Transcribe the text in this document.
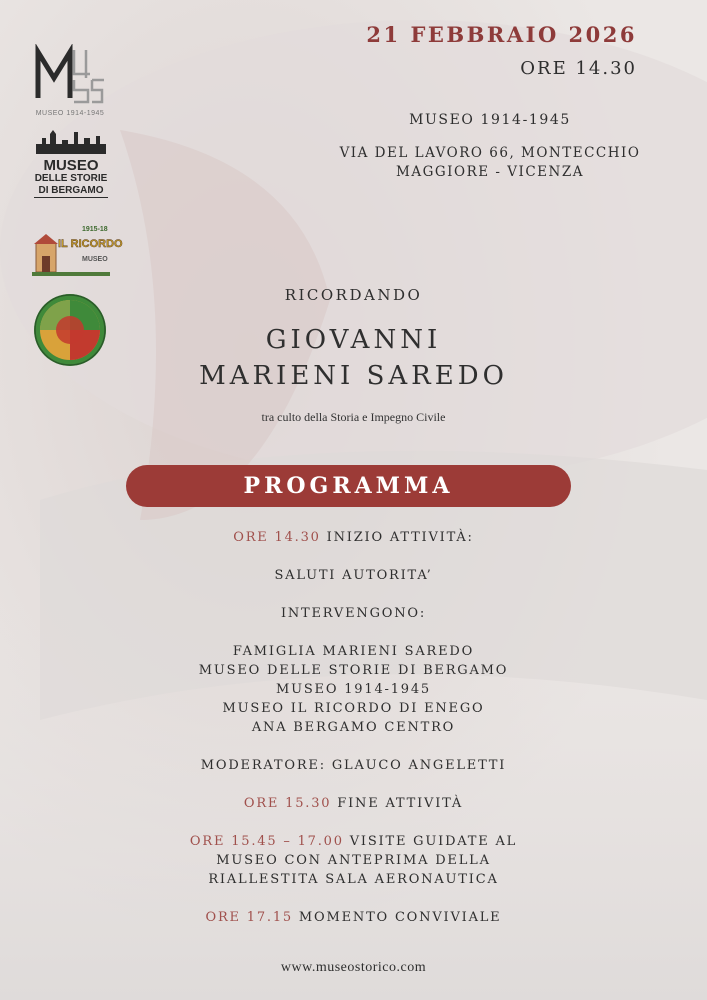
21 FEBBRAIO 2026
ORE 14.30
MUSEO 1914-1945
VIA DEL LAVORO 66, MONTECCHIO
MAGGIORE - VICENZA
MUSEO 1914-1945
MUSEO
DELLE STORIE
DI BERGAMO
1915-18
IL RICORDO
MUSEO
RICORDANDO
GIOVANNI
MARIENI SAREDO
tra culto della Storia e Impegno Civile
PROGRAMMA

ORE 14.30 INIZIO ATTIVITÀ:

SALUTI AUTORITA’

INTERVENGONO:

FAMIGLIA MARIENI SAREDO

MUSEO DELLE STORIE DI BERGAMO

MUSEO 1914-1945

MUSEO IL RICORDO DI ENEGO

ANA BERGAMO CENTRO

MODERATORE: GLAUCO ANGELETTI

ORE 15.30 FINE ATTIVITÀ

ORE 15.45 – 17.00 VISITE GUIDATE AL

MUSEO CON ANTEPRIMA DELLA

RIALLESTITA SALA AERONAUTICA

ORE 17.15 MOMENTO CONVIVIALE

www.museostorico.com
